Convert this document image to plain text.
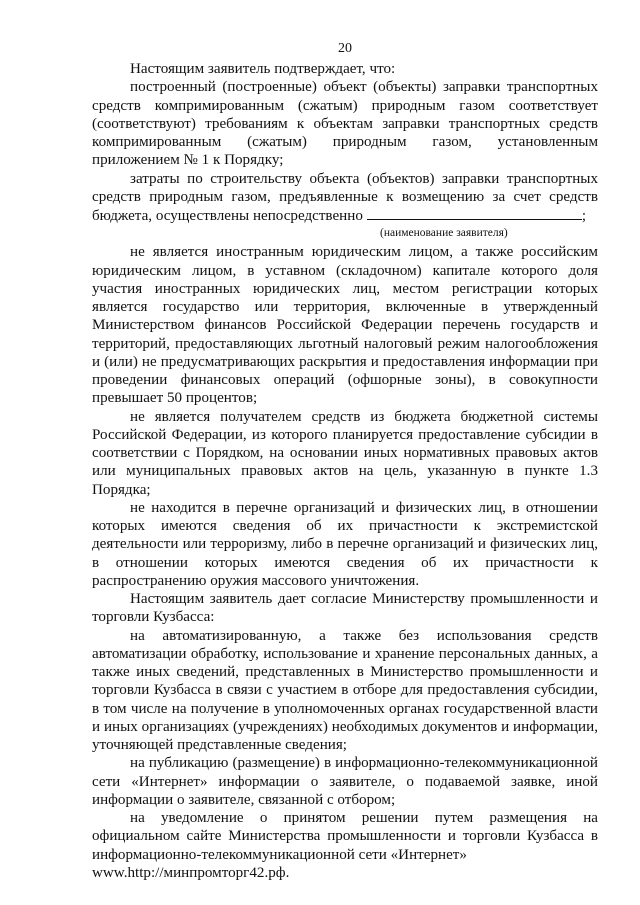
20

Настоящим заявитель подтверждает, что:

построенный (построенные) объект (объекты) заправки транспортных средств компримированным (сжатым) природным газом соответствует (соответствуют) требованиям к объектам заправки транспортных средств компримированным (сжатым) природным газом, установленным приложением № 1 к Порядку;

затраты по строительству объекта (объектов) заправки транспортных средств природным газом, предъявленные к возмещению за счет средств бюджета, осуществлены непосредственно	;

(наименование заявителя)

не является иностранным юридическим лицом, а также российским юридическим лицом, в уставном (складочном) капитале которого доля участия иностранных юридических лиц, местом регистрации которых является государство или территория, включенные в утвержденный Министерством финансов Российской Федерации перечень государств и территорий, предоставляющих льготный налоговый режим налогообложения и (или) не предусматривающих раскрытия и предоставления информации при проведении финансовых операций (офшорные зоны), в совокупности превышает 50 процентов;

не является получателем средств из бюджета бюджетной системы Российской Федерации, из которого планируется предоставление субсидии в соответствии с Порядком, на основании иных нормативных правовых актов или муниципальных правовых актов на цель, указанную в пункте 1.3 Порядка;

не находится в перечне организаций и физических лиц, в отношении которых имеются сведения об их причастности к экстремистской деятельности или терроризму, либо в перечне организаций и физических лиц, в отношении которых имеются сведения об их причастности к распространению оружия массового уничтожения.

Настоящим заявитель дает согласие Министерству промышленности и торговли Кузбасса:

на автоматизированную, а также без использования средств автоматизации обработку, использование и хранение персональных данных, а также иных сведений, представленных в Министерство промышленности и торговли Кузбасса в связи с участием в отборе для предоставления субсидии, в том числе на получение в уполномоченных органах государственной власти и иных организациях (учреждениях) необходимых документов и информации, уточняющей представленные сведения;

на публикацию (размещение) в информационно-телекоммуникационной сети «Интернет» информации о заявителе, о подаваемой заявке, иной информации о заявителе, связанной с отбором;

на уведомление о принятом решении путем размещения на официальном сайте Министерства промышленности и торговли Кузбасса в информационно-телекоммуникационной сети «Интернет»

www.http://минпромторг42.рф.
